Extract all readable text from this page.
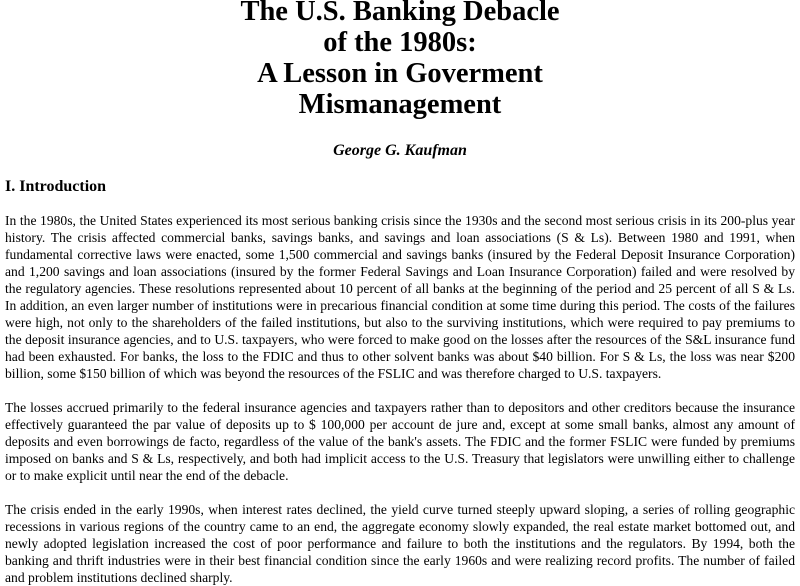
The U.S. Banking Debacle
of the 1980s:
A Lesson in Goverment
Mismanagement
George G. Kaufman
I. Introduction

In the 1980s, the United States experienced its most serious banking crisis since the 1930s and the second most serious crisis in its 200-plus year history. The crisis affected commercial banks, savings banks, and savings and loan associations (S & Ls). Between 1980 and 1991, when fundamental corrective laws were enacted, some 1,500 commercial and savings banks (insured by the Federal Deposit Insurance Corporation) and 1,200 savings and loan associations (insured by the former Federal Savings and Loan Insurance Corporation) failed and were resolved by the regulatory agencies. These resolutions represented about 10 percent of all banks at the beginning of the period and 25 percent of all S & Ls. In addition, an even larger number of institutions were in precarious financial condition at some time during this period. The costs of the failures were high, not only to the shareholders of the failed institutions, but also to the surviving institutions, which were required to pay premiums to the deposit insurance agencies, and to U.S. taxpayers, who were forced to make good on the losses after the resources of the S&L insurance fund had been exhausted. For banks, the loss to the FDIC and thus to other solvent banks was about $40 billion. For S & Ls, the loss was near $200 billion, some $150 billion of which was beyond the resources of the FSLIC and was therefore charged to U.S. taxpayers.

The losses accrued primarily to the federal insurance agencies and taxpayers rather than to depositors and other creditors because the insurance effectively guaranteed the par value of deposits up to $ 100,000 per account de jure and, except at some small banks, almost any amount of deposits and even borrowings de facto, regardless of the value of the bank's assets. The FDIC and the former FSLIC were funded by premiums imposed on banks and S & Ls, respectively, and both had implicit access to the U.S. Treasury that legislators were unwilling either to challenge or to make explicit until near the end of the debacle.

The crisis ended in the early 1990s, when interest rates declined, the yield curve turned steeply upward sloping, a series of rolling geographic recessions in various regions of the country came to an end, the aggregate economy slowly expanded, the real estate market bottomed out, and newly adopted legislation increased the cost of poor performance and failure to both the institutions and the regulators. By 1994, both the banking and thrift industries were in their best financial condition since the early 1960s and were realizing record profits. The number of failed and problem institutions declined sharply.
